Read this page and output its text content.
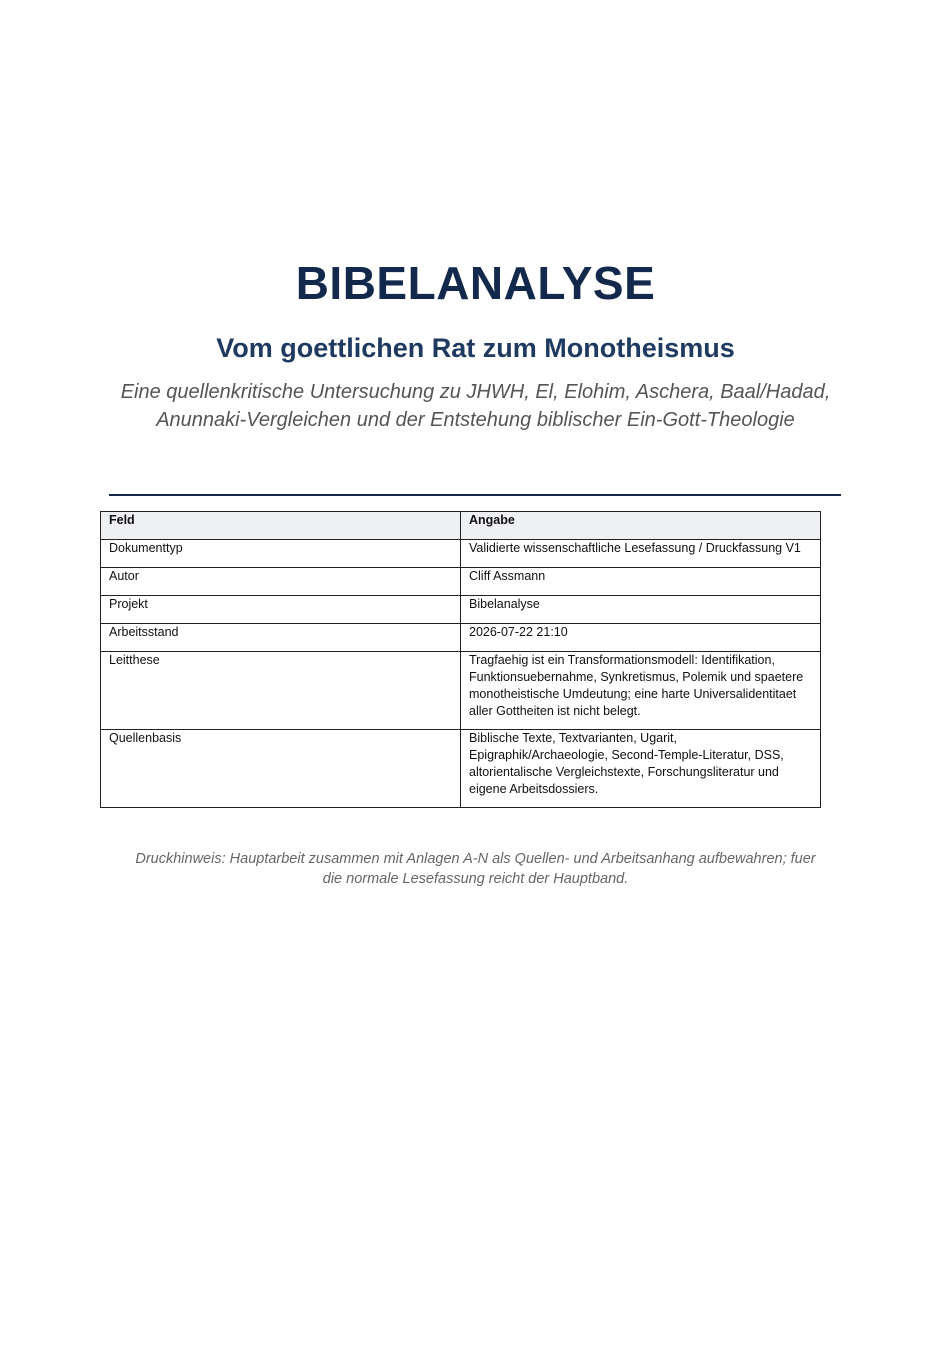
BIBELANALYSE
Vom goettlichen Rat zum Monotheismus
Eine quellenkritische Untersuchung zu JHWH, El, Elohim, Aschera, Baal/Hadad,
Anunnaki-Vergleichen und der Entstehung biblischer Ein-Gott-Theologie
Feld	Angabe
Dokumenttyp	Validierte wissenschaftliche Lesefassung / Druckfassung V1
Autor	Cliff Assmann
Projekt	Bibelanalyse
Arbeitsstand	2026-07-22 21:10
Leitthese	Tragfaehig ist ein Transformationsmodell: Identifikation, Funktionsuebernahme, Synkretismus, Polemik und spaetere monotheistische Umdeutung; eine harte Universalidentitaet aller Gottheiten ist nicht belegt.
Quellenbasis	Biblische Texte, Textvarianten, Ugarit, Epigraphik/Archaeologie, Second-Temple-Literatur, DSS, altorientalische Vergleichstexte, Forschungsliteratur und eigene Arbeitsdossiers.
Druckhinweis: Hauptarbeit zusammen mit Anlagen A-N als Quellen- und Arbeitsanhang aufbewahren; fuer
die normale Lesefassung reicht der Hauptband.
